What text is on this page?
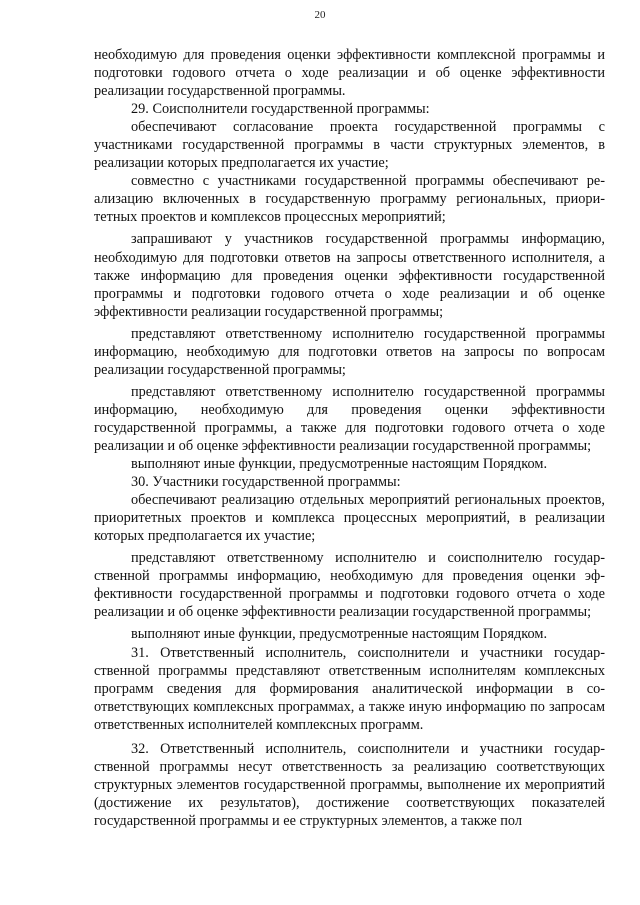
20

необходимую для проведения оценки эффективности комплексной программы и подготовки годового отчета о ходе реализации и об оценке эффективности реализации государственной программы.

29. Соисполнители государственной программы:

обеспечивают согласование проекта государственной программы с участниками государственной программы в части структурных элементов, в реализации которых предполагается их участие;

совместно с участниками государственной программы обеспечивают реализацию включенных в государственную программу региональных, приоритетных проектов и комплексов процессных мероприятий;

запрашивают у участников государственной программы информацию, необходимую для подготовки ответов на запросы ответственного исполнителя, а также информацию для проведения оценки эффективности государственной программы и подготовки годового отчета о ходе реализации и об оценке эффективности реализации государственной программы;

представляют ответственному исполнителю государственной программы информацию, необходимую для подготовки ответов на запросы по вопросам реализации государственной программы;

представляют ответственному исполнителю государственной программы информацию, необходимую для проведения оценки эффективности государственной программы, а также для подготовки годового отчета о ходе реализации и об оценке эффективности реализации государственной программы;

выполняют иные функции, предусмотренные настоящим Порядком.

30. Участники государственной программы:

обеспечивают реализацию отдельных мероприятий региональных проектов, приоритетных проектов и комплекса процессных мероприятий, в реализации которых предполагается их участие;

представляют ответственному исполнителю и соисполнителю государственной программы информацию, необходимую для проведения оценки эффективности государственной программы и подготовки годового отчета о ходе реализации и об оценке эффективности реализации государственной программы;

выполняют иные функции, предусмотренные настоящим Порядком.

31. Ответственный исполнитель, соисполнители и участники государственной программы представляют ответственным исполнителям комплексных программ сведения для формирования аналитической информации в соответствующих комплексных программах, а также иную информацию по запросам ответственных исполнителей комплексных программ.

32. Ответственный исполнитель, соисполнители и участники государственной программы несут ответственность за реализацию соответствующих структурных элементов государственной программы, выполнение их мероприятий (достижение их результатов), достижение соответствующих показателей государственной программы и ее структурных элементов, а также пол
